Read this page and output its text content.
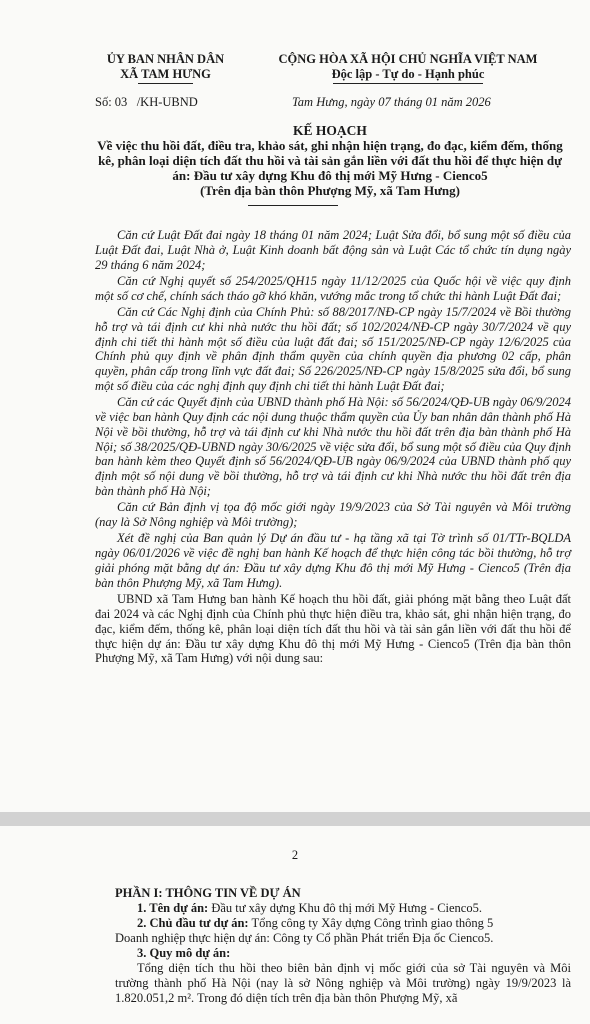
ỦY BAN NHÂN DÂN
XÃ TAM HƯNG
CỘNG HÒA XÃ HỘI CHỦ NGHĨA VIỆT NAM
Độc lập - Tự do - Hạnh phúc
Số: 03 /KH-UBND	Tam Hưng, ngày 07 tháng 01 năm 2026
KẾ HOẠCH
Về việc thu hồi đất, điều tra, khảo sát, ghi nhận hiện trạng, đo đạc, kiểm đếm, thống kê, phân loại diện tích đất thu hồi và tài sản gắn liền với đất thu hồi để thực hiện dự án: Đầu tư xây dựng Khu đô thị mới Mỹ Hưng - Cienco5
(Trên địa bàn thôn Phượng Mỹ, xã Tam Hưng)

Căn cứ Luật Đất đai ngày 18 tháng 01 năm 2024; Luật Sửa đổi, bổ sung một số điều của Luật Đất đai, Luật Nhà ở, Luật Kinh doanh bất động sản và Luật Các tổ chức tín dụng ngày 29 tháng 6 năm 2024;

Căn cứ Nghị quyết số 254/2025/QH15 ngày 11/12/2025 của Quốc hội về việc quy định một số cơ chế, chính sách tháo gỡ khó khăn, vướng mắc trong tổ chức thi hành Luật Đất đai;

Căn cứ Các Nghị định của Chính Phủ: số 88/2017/NĐ-CP ngày 15/7/2024 về Bồi thường hỗ trợ và tái định cư khi nhà nước thu hồi đất; số 102/2024/NĐ-CP ngày 30/7/2024 về quy định chi tiết thi hành một số điều của luật đất đai; số 151/2025/NĐ-CP ngày 12/6/2025 của Chính phủ quy định về phân định thẩm quyền của chính quyền địa phương 02 cấp, phân quyền, phân cấp trong lĩnh vực đất đai; Số 226/2025/NĐ-CP ngày 15/8/2025 sửa đổi, bổ sung một số điều của các nghị định quy định chi tiết thi hành Luật Đất đai;

Căn cứ các Quyết định của UBND thành phố Hà Nội: số 56/2024/QĐ-UB ngày 06/9/2024 về việc ban hành Quy định các nội dung thuộc thẩm quyền của Ủy ban nhân dân thành phố Hà Nội về bồi thường, hỗ trợ và tái định cư khi Nhà nước thu hồi đất trên địa bàn thành phố Hà Nội; số 38/2025/QĐ-UBND ngày 30/6/2025 về việc sửa đổi, bổ sung một số điều của Quy định ban hành kèm theo Quyết định số 56/2024/QĐ-UB ngày 06/9/2024 của UBND thành phố quy định một số nội dung về bồi thường, hỗ trợ và tái định cư khi Nhà nước thu hồi đất trên địa bàn thành phố Hà Nội;

Căn cứ Bản định vị tọa độ mốc giới ngày 19/9/2023 của Sở Tài nguyên và Môi trường (nay là Sở Nông nghiệp và Môi trường);

Xét đề nghị của Ban quản lý Dự án đầu tư - hạ tầng xã tại Tờ trình số 01/TTr-BQLDA ngày 06/01/2026 về việc đề nghị ban hành Kế hoạch để thực hiện công tác bồi thường, hỗ trợ giải phóng mặt bằng dự án: Đầu tư xây dựng Khu đô thị mới Mỹ Hưng - Cienco5 (Trên địa bàn thôn Phượng Mỹ, xã Tam Hưng).

UBND xã Tam Hưng ban hành Kế hoạch thu hồi đất, giải phóng mặt bằng theo Luật đất đai 2024 và các Nghị định của Chính phủ thực hiện điều tra, khảo sát, ghi nhận hiện trạng, đo đạc, kiểm đếm, thống kê, phân loại diện tích đất thu hồi và tài sản gắn liền với đất thu hồi để thực hiện dự án: Đầu tư xây dựng Khu đô thị mới Mỹ Hưng - Cienco5 (Trên địa bàn thôn Phượng Mỹ, xã Tam Hưng) với nội dung sau:

2

PHẦN I: THÔNG TIN VỀ DỰ ÁN

1. Tên dự án: Đầu tư xây dựng Khu đô thị mới Mỹ Hưng - Cienco5.

2. Chủ đầu tư dự án: Tổng công ty Xây dựng Công trình giao thông 5

Doanh nghiệp thực hiện dự án: Công ty Cổ phần Phát triển Địa ốc Cienco5.

3. Quy mô dự án:

Tổng diện tích thu hồi theo biên bản định vị mốc giới của sở Tài nguyên và Môi trường thành phố Hà Nội (nay là sở Nông nghiệp và Môi trường) ngày 19/9/2023 là 1.820.051,2 m². Trong đó diện tích trên địa bàn thôn Phượng Mỹ, xã
